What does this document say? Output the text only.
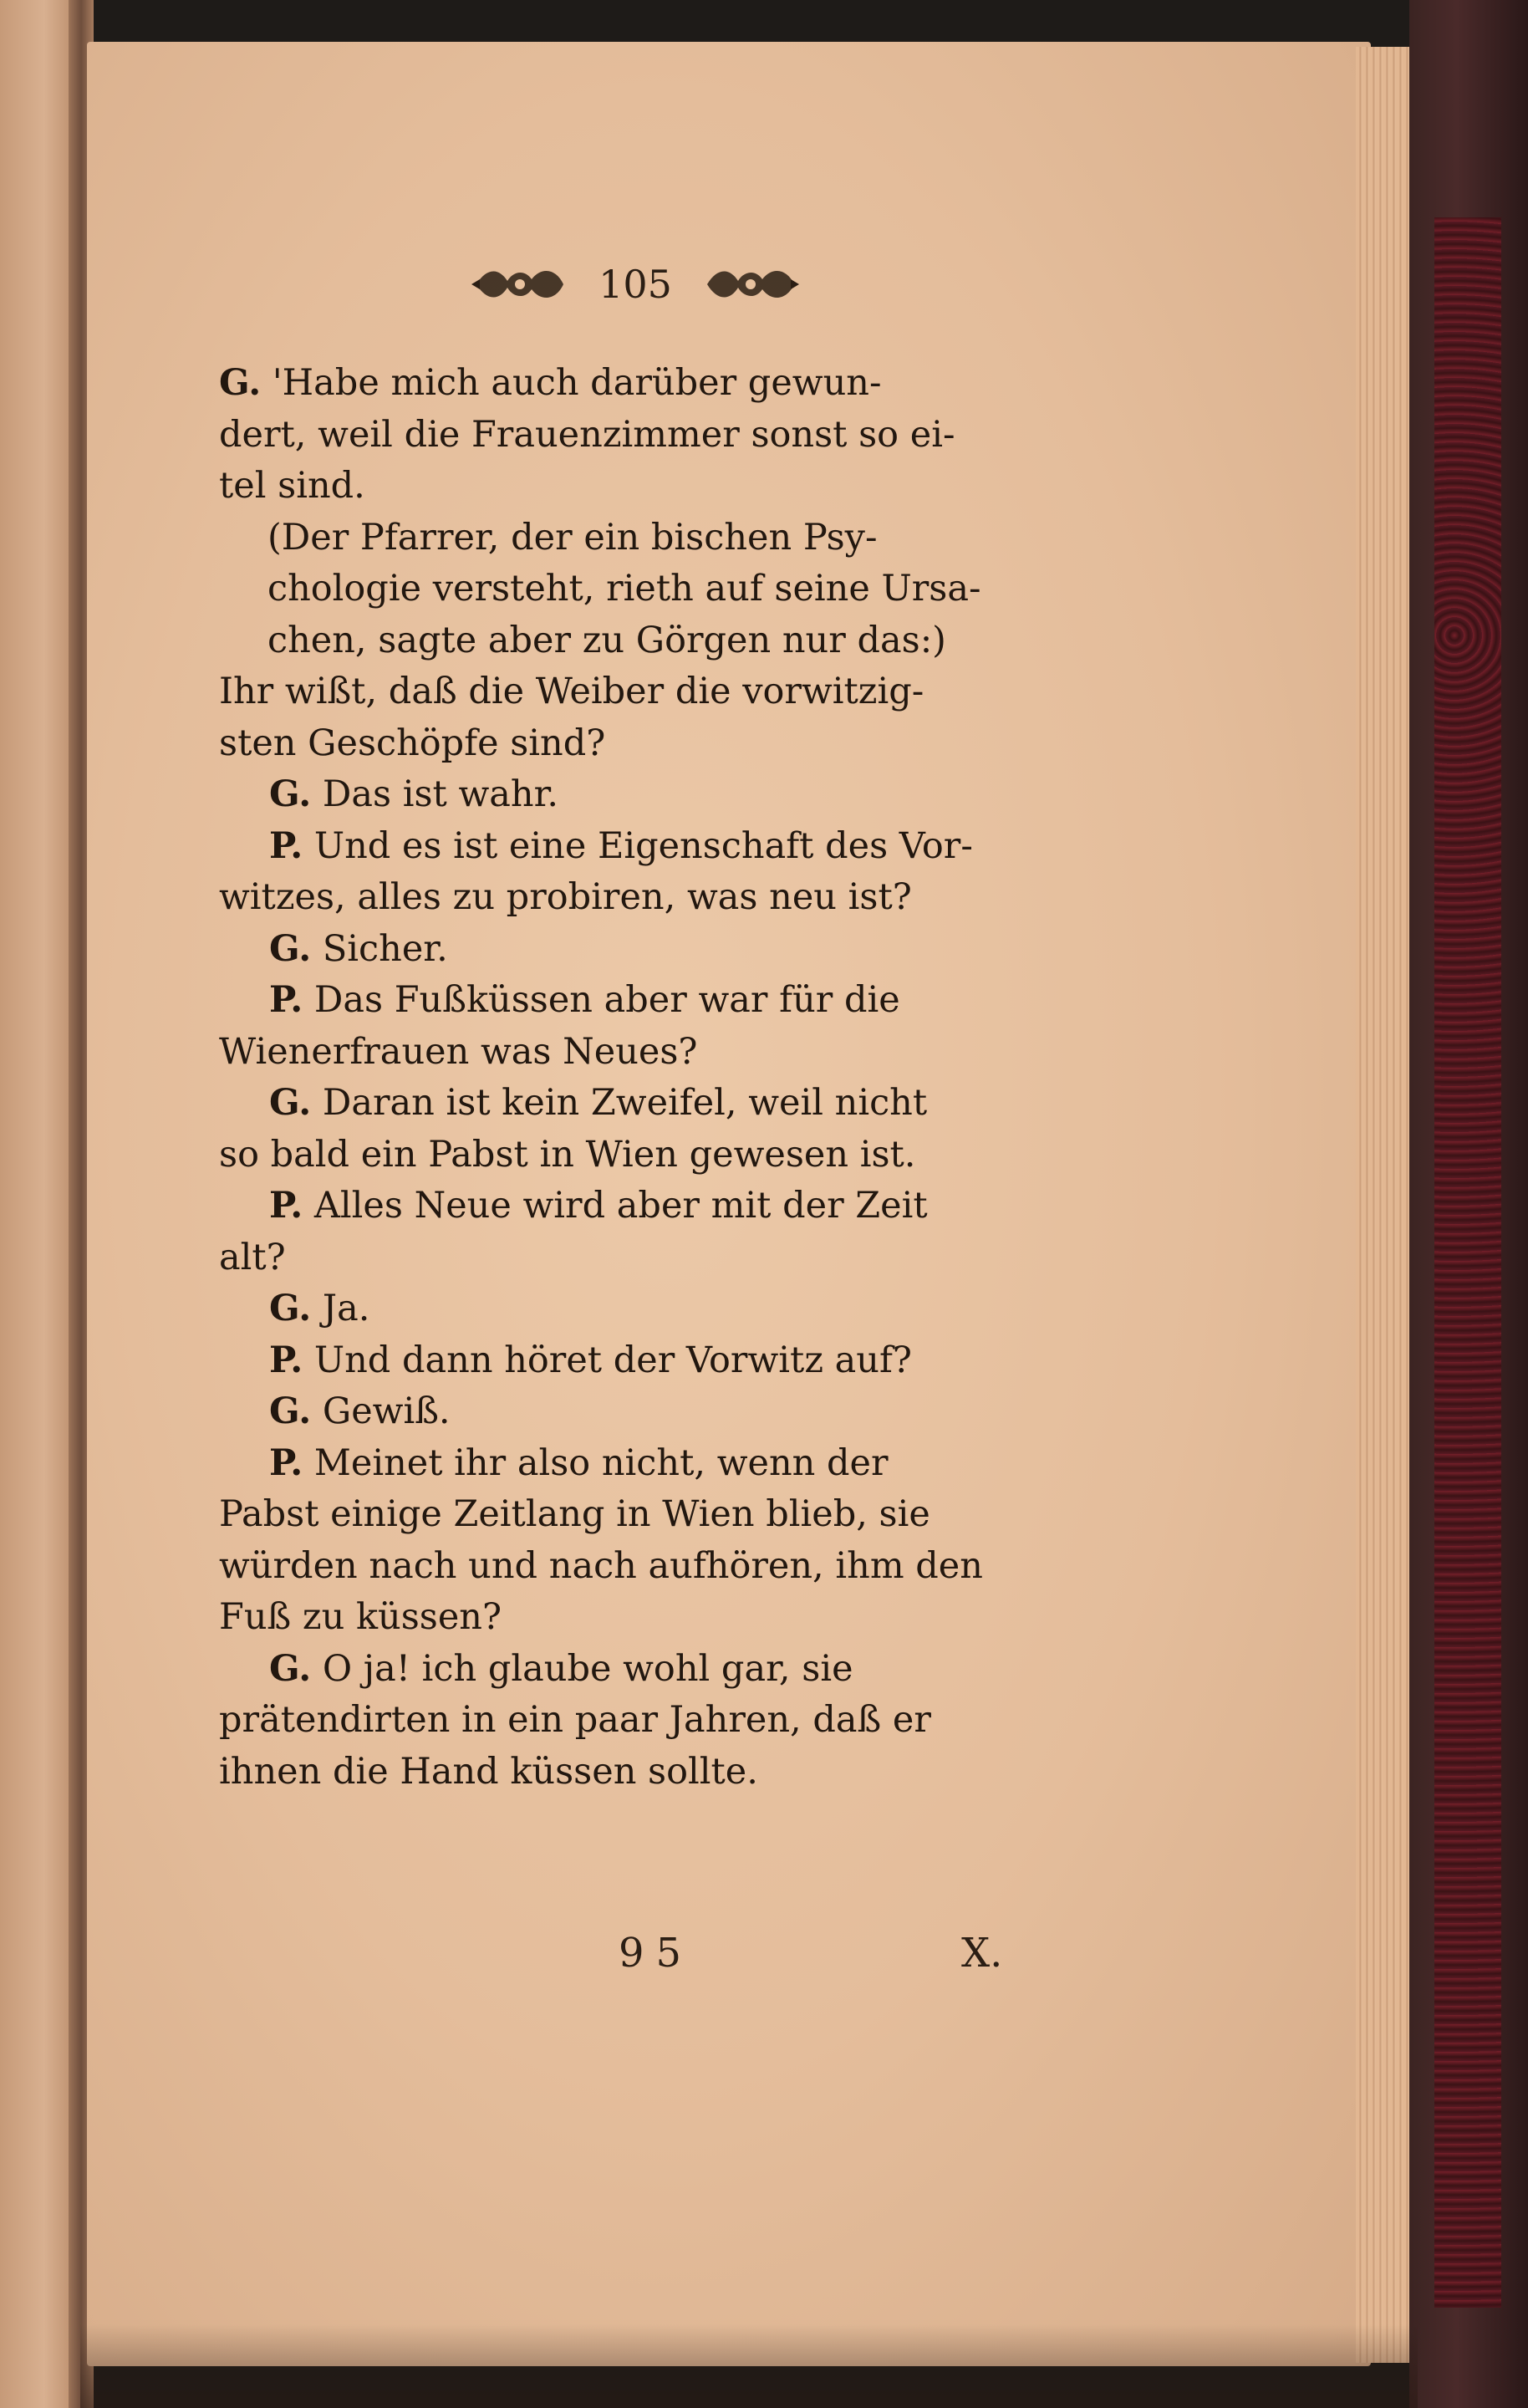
105
G. 'Habe mich auch darüber gewun-
dert, weil die Frauenzimmer sonst so ei-
tel sind.
(Der Pfarrer, der ein bischen Psy-
chologie versteht, rieth auf seine Ursa-
chen, sagte aber zu Görgen nur das:)
Ihr wißt, daß die Weiber die vorwitzig-
sten Geschöpfe sind?
G. Das ist wahr.
P. Und es ist eine Eigenschaft des Vor-
witzes, alles zu probiren, was neu ist?
G. Sicher.
P. Das Fußküssen aber war für die
Wienerfrauen was Neues?
G. Daran ist kein Zweifel, weil nicht
so bald ein Pabst in Wien gewesen ist.
P. Alles Neue wird aber mit der Zeit
alt?
G. Ja.
P. Und dann höret der Vorwitz auf?
G. Gewiß.
P. Meinet ihr also nicht, wenn der
Pabst einige Zeitlang in Wien blieb, sie
würden nach und nach aufhören, ihm den
Fuß zu küssen?
G. O ja! ich glaube wohl gar, sie
prätendirten in ein paar Jahren, daß er
ihnen die Hand küssen sollte.
95	X.
